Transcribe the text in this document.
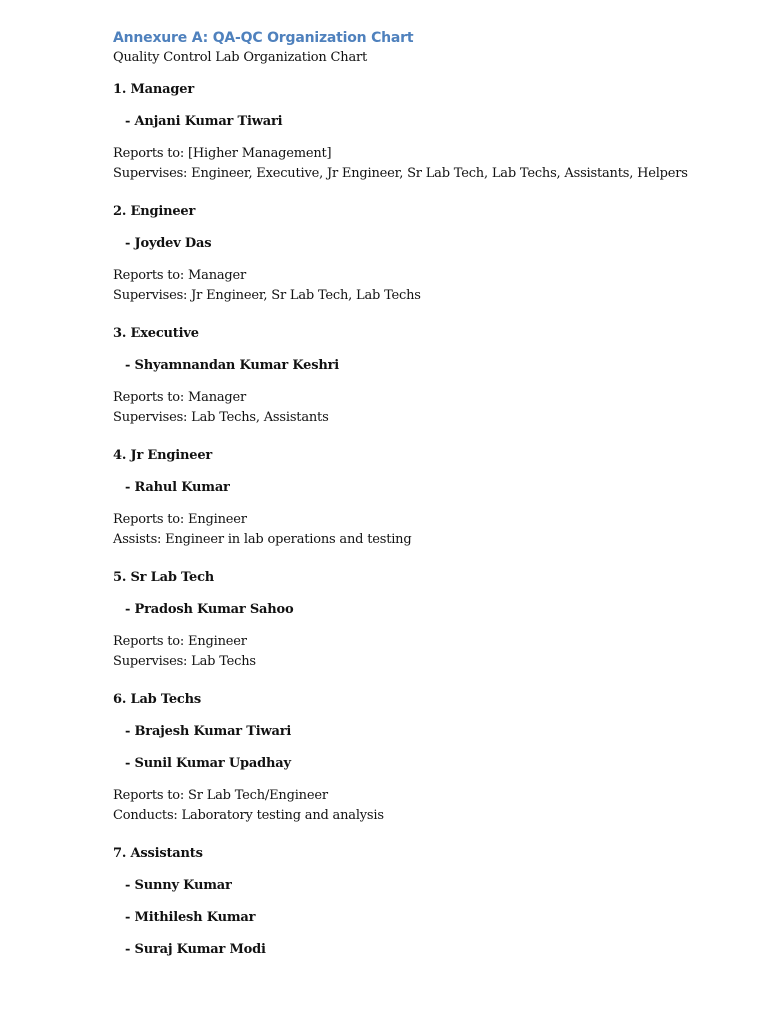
Annexure A: QA-QC Organization Chart

Quality Control Lab Organization Chart

1. Manager

- Anjani Kumar Tiwari

Reports to: [Higher Management]

Supervises: Engineer, Executive, Jr Engineer, Sr Lab Tech, Lab Techs, Assistants, Helpers

2. Engineer

- Joydev Das

Reports to: Manager

Supervises: Jr Engineer, Sr Lab Tech, Lab Techs

3. Executive

- Shyamnandan Kumar Keshri

Reports to: Manager

Supervises: Lab Techs, Assistants

4. Jr Engineer

- Rahul Kumar

Reports to: Engineer

Assists: Engineer in lab operations and testing

5. Sr Lab Tech

- Pradosh Kumar Sahoo

Reports to: Engineer

Supervises: Lab Techs

6. Lab Techs

- Brajesh Kumar Tiwari

- Sunil Kumar Upadhay

Reports to: Sr Lab Tech/Engineer

Conducts: Laboratory testing and analysis

7. Assistants

- Sunny Kumar

- Mithilesh Kumar

- Suraj Kumar Modi
